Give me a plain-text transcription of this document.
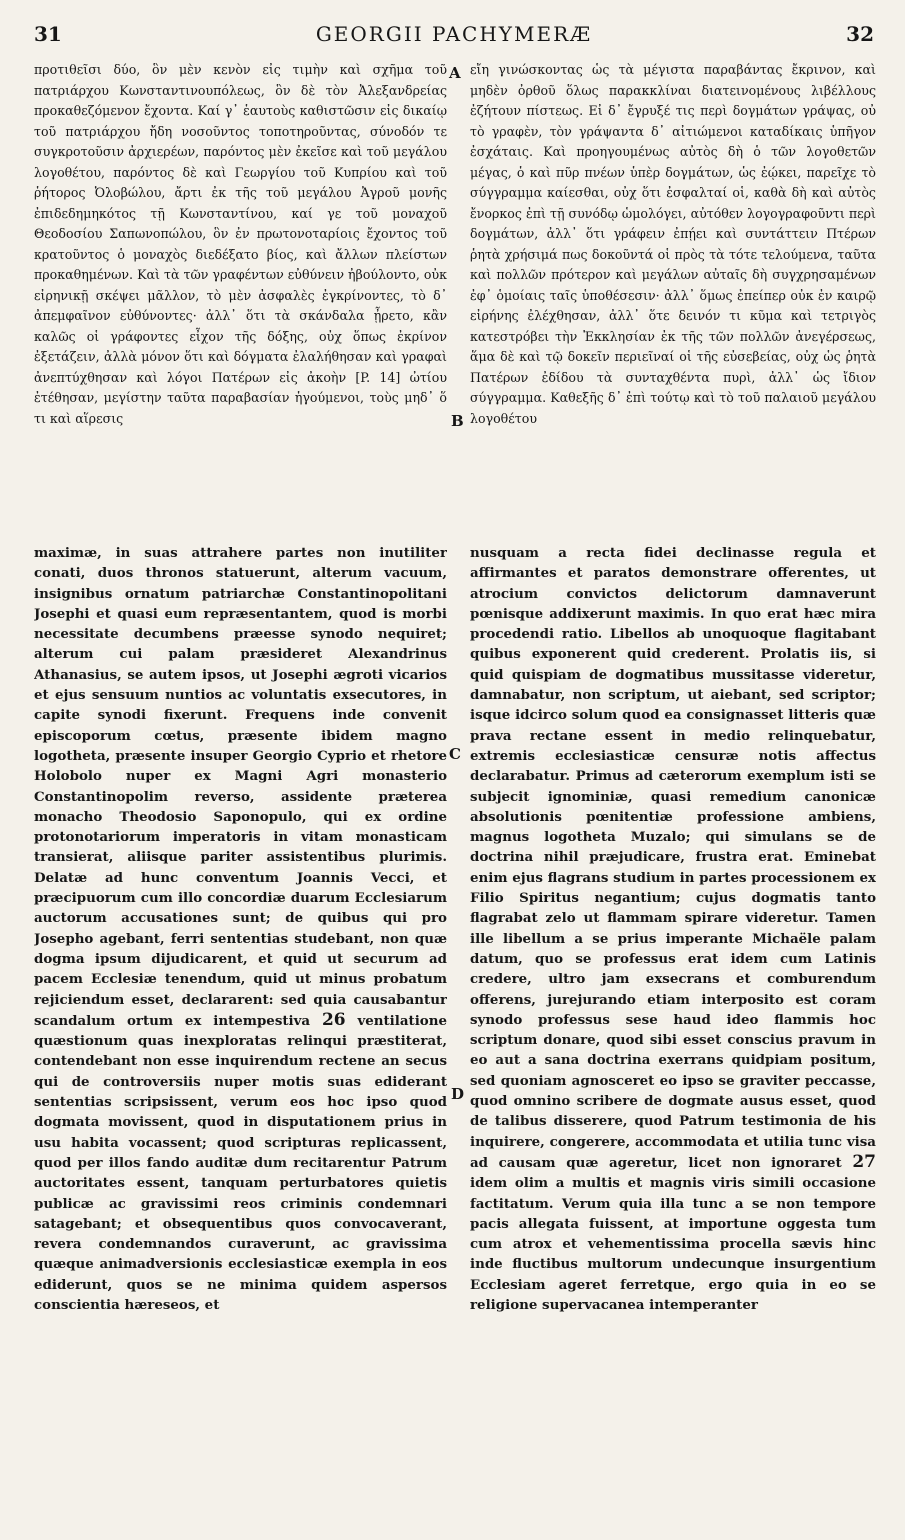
31	GEORGII PACHYMERÆ	32

προτιθεῖσι δύο, ὃν μὲν κενὸν εἰς τιμὴν καὶ σχῆμα τοῦ πατριάρχου Κωνσταντινουπόλεως, ὃν δὲ τὸν Ἀλεξανδρείας προκαθεζόμενον ἔχοντα. Καί γ᾽ ἑαυτοὺς καθιστῶσιν εἰς δικαίῳ τοῦ πατριάρχου ἤδη νοσοῦντος τοποτηροῦντας, σύνοδόν τε συγκροτοῦσιν ἀρχιερέων, παρόντος μὲν ἐκεῖσε καὶ τοῦ μεγάλου λογοθέτου, παρόντος δὲ καὶ Γεωργίου τοῦ Κυπρίου καὶ τοῦ ῥήτορος Ὀλοβώλου, ἄρτι ἐκ τῆς τοῦ μεγάλου Ἀγροῦ μονῆς ἐπιδεδημηκότος τῇ Κωνσταντίνου, καί γε τοῦ μοναχοῦ Θεοδοσίου Σαπωνοπώλου, ὃν ἐν πρωτονοταρίοις ἔχοντος τοῦ κρατοῦντος ὁ μοναχὸς διεδέξατο βίος, καὶ ἄλλων πλείστων προκαθημένων. Καὶ τὰ τῶν γραφέντων εὐθύνειν ἠβούλοντο, οὐκ εἰρηνικῇ σκέψει μᾶλλον, τὸ μὲν ἀσφαλὲς ἐγκρίνοντες, τὸ δ᾽ ἀπεμφαῖνον εὐθύνοντες· ἀλλ᾽ ὅτι τὰ σκάνδαλα ᾖρετο, κἂν καλῶς οἱ γράφοντες εἶχον τῆς δόξης, οὐχ ὅπως ἐκρίνον ἐξετάζειν, ἀλλὰ μόνον ὅτι καὶ δόγματα ἐλαλήθησαν καὶ γραφαὶ ἀνεπτύχθησαν καὶ λόγοι Πατέρων εἰς ἀκοὴν [P. 14] ὠτίου ἐτέθησαν, μεγίστην ταῦτα παραβασίαν ἡγούμενοι, τοὺς μηδ᾽ ὅ τι καὶ αἵρεσις

εἴη γινώσκοντας ὡς τὰ μέγιστα παραβάντας ἔκρινον, καὶ μηδὲν ὀρθοῦ ὅλως παρακκλίναι διατεινομένους λιβέλλους ἐζήτουν πίστεως. Εἰ δ᾽ ἔγρυξέ τις περὶ δογμάτων γράψας, οὐ τὸ γραφὲν, τὸν γράψαντα δ᾽ αἰτιώμενοι καταδίκαις ὑπῆγον ἐσχάταις. Καὶ προηγουμένως αὐτὸς δὴ ὁ τῶν λογοθετῶν μέγας, ὁ καὶ πῦρ πνέων ὑπὲρ δογμάτων, ὡς ἐῴκει, παρεῖχε τὸ σύγγραμμα καίεσθαι, οὐχ ὅτι ἐσφαλταί οἱ, καθὰ δὴ καὶ αὐτὸς ἔνορκος ἐπὶ τῇ συνόδῳ ὡμολόγει, αὐτόθεν λογογραφοῦντι περὶ δογμάτων, ἀλλ᾽ ὅτι γράφειν ἐπῄει καὶ συντάττειν Πτέρων ῥητὰ χρήσιμά πως δοκοῦντά οἱ πρὸς τὰ τότε τελούμενα, ταῦτα καὶ πολλῶν πρότερον καὶ μεγάλων αὐταῖς δὴ συγχρησαμένων ἐφ᾽ ὁμοίαις ταῖς ὑποθέσεσιν· ἀλλ᾽ ὅμως ἐπείπερ οὐκ ἐν καιρῷ εἰρήνης ἐλέχθησαν, ἀλλ᾽ ὅτε δεινόν τι κῦμα καὶ τετριγὸς κατεστρόβει τὴν Ἐκκλησίαν ἐκ τῆς τῶν πολλῶν ἀνεγέρσεως, ἅμα δὲ καὶ τῷ δοκεῖν περιεῖναί οἱ τῆς εὐσεβείας, οὐχ ὡς ῥητὰ Πατέρων ἐδίδου τὰ συνταχθέντα πυρὶ, ἀλλ᾽ ὡς ἴδιον σύγγραμμα. Καθεξῆς δ᾽ ἐπὶ τούτῳ καὶ τὸ τοῦ παλαιοῦ μεγάλου λογοθέτου

maximæ, in suas attrahere partes non inutiliter conati, duos thronos statuerunt, alterum vacuum, insignibus ornatum patriarchæ Constantinopolitani Josephi et quasi eum repræsentantem, quod is morbi necessitate decumbens præesse synodo nequiret; alterum cui palam præsideret Alexandrinus Athanasius, se autem ipsos, ut Josephi ægroti vicarios et ejus sensuum nuntios ac voluntatis exsecutores, in capite synodi fixerunt. Frequens inde convenit episcoporum cœtus, præsente ibidem magno logotheta, præsente insuper Georgio Cyprio et rhetore Holobolo nuper ex Magni Agri monasterio Constantinopolim reverso, assidente præterea monacho Theodosio Saponopulo, qui ex ordine protonotariorum imperatoris in vitam monasticam transierat, aliisque pariter assistentibus plurimis. Delatæ ad hunc conventum Joannis Vecci, et præcipuorum cum illo concordiæ duarum Ecclesiarum auctorum accusationes sunt; de quibus qui pro Josepho agebant, ferri sententias studebant, non quæ dogma ipsum dijudicarent, et quid ut securum ad pacem Ecclesiæ tenendum, quid ut minus probatum rejiciendum esset, declararent: sed quia causabantur scandalum ortum ex intempestiva 26 ventilatione quæstionum quas inexploratas relinqui præstiterat, contendebant non esse inquirendum rectene an secus qui de controversiis nuper motis suas ediderant sententias scripsissent, verum eos hoc ipso quod dogmata movissent, quod in disputationem prius in usu habita vocassent; quod scripturas replicassent, quod per illos fando auditæ dum recitarentur Patrum auctoritates essent, tanquam perturbatores quietis publicæ ac gravissimi reos criminis condemnari satagebant; et obsequentibus quos convocaverant, revera condemnandos curaverunt, ac gravissima quæque animadversionis ecclesiasticæ exempla in eos ediderunt, quos se ne minima quidem aspersos conscientia hæreseos, et

nusquam a recta fidei declinasse regula et affirmantes et paratos demonstrare offerentes, ut atrocium convictos delictorum damnaverunt pœnisque addixerunt maximis. In quo erat hæc mira procedendi ratio. Libellos ab unoquoque flagitabant quibus exponerent quid crederent. Prolatis iis, si quid quispiam de dogmatibus mussitasse videretur, damnabatur, non scriptum, ut aiebant, sed scriptor; isque idcirco solum quod ea consignasset litteris quæ prava rectane essent in medio relinquebatur, extremis ecclesiasticæ censuræ notis affectus declarabatur. Primus ad cæterorum exemplum isti se subjecit ignominiæ, quasi remedium canonicæ absolutionis pœnitentiæ professione ambiens, magnus logotheta Muzalo; qui simulans se de doctrina nihil præjudicare, frustra erat. Eminebat enim ejus flagrans studium in partes processionem ex Filio Spiritus negantium; cujus dogmatis tanto flagrabat zelo ut flammam spirare videretur. Tamen ille libellum a se prius imperante Michaële palam datum, quo se professus erat idem cum Latinis credere, ultro jam exsecrans et comburendum offerens, jurejurando etiam interposito est coram synodo professus sese haud ideo flammis hoc scriptum donare, quod sibi esset conscius pravum in eo aut a sana doctrina exerrans quidpiam positum, sed quoniam agnosceret eo ipso se graviter peccasse, quod omnino scribere de dogmate ausus esset, quod de talibus disserere, quod Patrum testimonia de his inquirere, congerere, accommodata et utilia tunc visa ad causam quæ ageretur, licet non ignoraret 27 idem olim a multis et magnis viris simili occasione factitatum. Verum quia illa tunc a se non tempore pacis allegata fuissent, at importune oggesta tum cum atrox et vehementissima procella sævis hinc inde fluctibus multorum undecunque insurgentium Ecclesiam ageret ferretque, ergo quia in eo se religione supervacanea intemperanter

A
B
C
D
